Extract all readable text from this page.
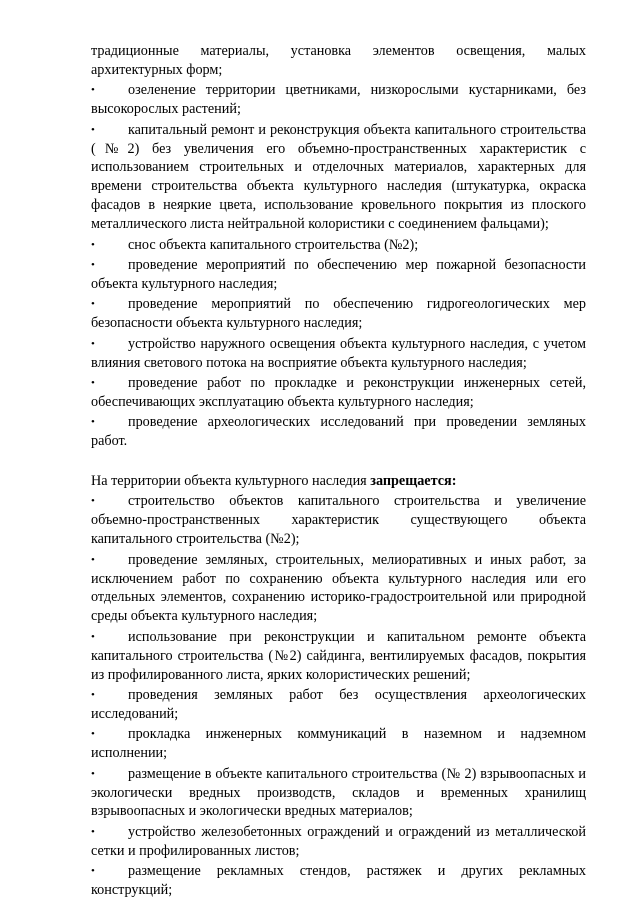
традиционные материалы, установка элементов освещения, малых архитектурных форм;
• озеленение территории цветниками, низкорослыми кустарниками, без высокорослых растений;
• капитальный ремонт и реконструкция объекта капитального строительства (№2) без увеличения его объемно-пространственных характеристик с использованием строительных и отделочных материалов, характерных для времени строительства объекта культурного наследия (штукатурка, окраска фасадов в неяркие цвета, использование кровельного покрытия из плоского металлического листа нейтральной колористики с соединением фальцами);
• снос объекта капитального строительства (№2);
• проведение мероприятий по обеспечению мер пожарной безопасности объекта культурного наследия;
• проведение мероприятий по обеспечению гидрогеологических мер безопасности объекта культурного наследия;
• устройство наружного освещения объекта культурного наследия, с учетом влияния светового потока на восприятие объекта культурного наследия;
• проведение работ по прокладке и реконструкции инженерных сетей, обеспечивающих эксплуатацию объекта культурного наследия;
• проведение археологических исследований при проведении земляных работ.
На территории объекта культурного наследия запрещается:
• строительство объектов капитального строительства и увеличение объемно-пространственных характеристик существующего объекта капитального строительства (№2);
• проведение земляных, строительных, мелиоративных и иных работ, за исключением работ по сохранению объекта культурного наследия или его отдельных элементов, сохранению историко-градостроительной или природной среды объекта культурного наследия;
• использование при реконструкции и капитальном ремонте объекта капитального строительства (№2) сайдинга, вентилируемых фасадов, покрытия из профилированного листа, ярких колористических решений;
• проведения земляных работ без осуществления археологических исследований;
• прокладка инженерных коммуникаций в наземном и надземном исполнении;
• размещение в объекте капитального строительства (№ 2) взрывоопасных и экологически вредных производств, складов и временных хранилищ взрывоопасных и экологически вредных материалов;
• устройство железобетонных ограждений и ограждений из металлической сетки и профилированных листов;
• размещение рекламных стендов, растяжек и других рекламных конструкций;
